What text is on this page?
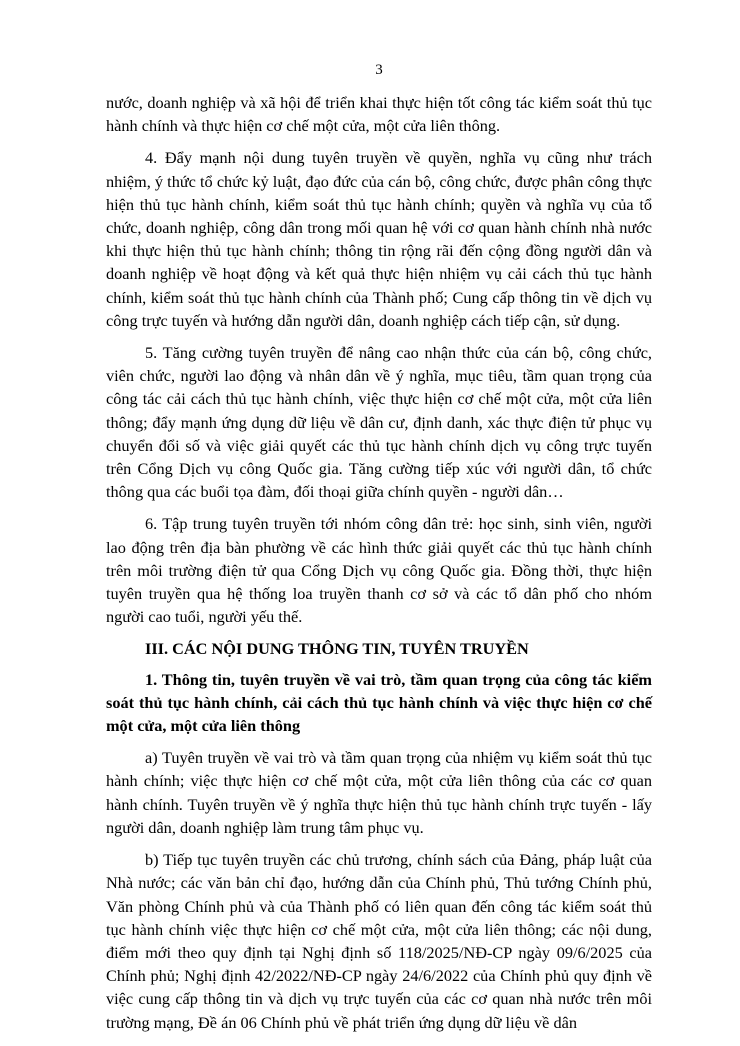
3

nước, doanh nghiệp và xã hội để triển khai thực hiện tốt công tác kiểm soát thủ tục hành chính và thực hiện cơ chế một cửa, một cửa liên thông.

4. Đẩy mạnh nội dung tuyên truyền về quyền, nghĩa vụ cũng như trách nhiệm, ý thức tổ chức kỷ luật, đạo đức của cán bộ, công chức, được phân công thực hiện thủ tục hành chính, kiểm soát thủ tục hành chính; quyền và nghĩa vụ của tổ chức, doanh nghiệp, công dân trong mối quan hệ với cơ quan hành chính nhà nước khi thực hiện thủ tục hành chính; thông tin rộng rãi đến cộng đồng người dân và doanh nghiệp về hoạt động và kết quả thực hiện nhiệm vụ cải cách thủ tục hành chính, kiểm soát thủ tục hành chính của Thành phố; Cung cấp thông tin về dịch vụ công trực tuyến và hướng dẫn người dân, doanh nghiệp cách tiếp cận, sử dụng.

5. Tăng cường tuyên truyền để nâng cao nhận thức của cán bộ, công chức, viên chức, người lao động và nhân dân về ý nghĩa, mục tiêu, tầm quan trọng của công tác cải cách thủ tục hành chính, việc thực hiện cơ chế một cửa, một cửa liên thông; đẩy mạnh ứng dụng dữ liệu về dân cư, định danh, xác thực điện tử phục vụ chuyển đổi số và việc giải quyết các thủ tục hành chính dịch vụ công trực tuyến trên Cổng Dịch vụ công Quốc gia. Tăng cường tiếp xúc với người dân, tổ chức thông qua các buổi tọa đàm, đối thoại giữa chính quyền - người dân…

6. Tập trung tuyên truyền tới nhóm công dân trẻ: học sinh, sinh viên, người lao động trên địa bàn phường về các hình thức giải quyết các thủ tục hành chính trên môi trường điện tử qua Cổng Dịch vụ công Quốc gia. Đồng thời, thực hiện tuyên truyền qua hệ thống loa truyền thanh cơ sở và các tổ dân phố cho nhóm người cao tuổi, người yếu thế.

III. CÁC NỘI DUNG THÔNG TIN, TUYÊN TRUYỀN

1. Thông tin, tuyên truyền về vai trò, tầm quan trọng của công tác kiểm soát thủ tục hành chính, cải cách thủ tục hành chính và việc thực hiện cơ chế một cửa, một cửa liên thông

a) Tuyên truyền về vai trò và tầm quan trọng của nhiệm vụ kiểm soát thủ tục hành chính; việc thực hiện cơ chế một cửa, một cửa liên thông của các cơ quan hành chính. Tuyên truyền về ý nghĩa thực hiện thủ tục hành chính trực tuyến - lấy người dân, doanh nghiệp làm trung tâm phục vụ.

b) Tiếp tục tuyên truyền các chủ trương, chính sách của Đảng, pháp luật của Nhà nước; các văn bản chỉ đạo, hướng dẫn của Chính phủ, Thủ tướng Chính phủ, Văn phòng Chính phủ và của Thành phố có liên quan đến công tác kiểm soát thủ tục hành chính việc thực hiện cơ chế một cửa, một cửa liên thông; các nội dung, điểm mới theo quy định tại Nghị định số 118/2025/NĐ-CP ngày 09/6/2025 của Chính phủ; Nghị định 42/2022/NĐ-CP ngày 24/6/2022 của Chính phủ quy định về việc cung cấp thông tin và dịch vụ trực tuyến của các cơ quan nhà nước trên môi trường mạng, Đề án 06 Chính phủ về phát triển ứng dụng dữ liệu về dân
